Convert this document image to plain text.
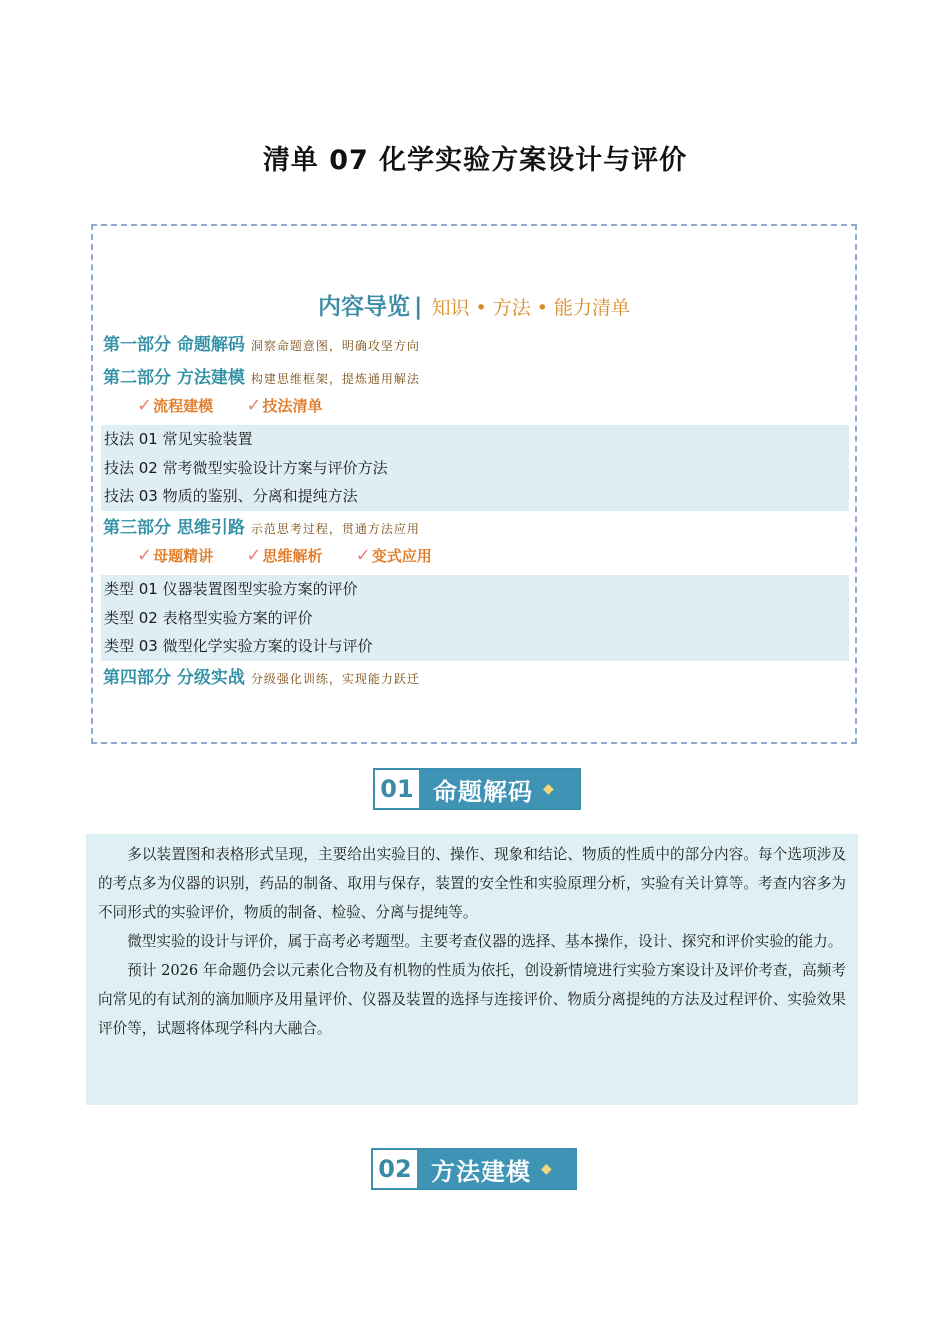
清单 07 化学实验方案设计与评价
内容导览 | 知识 • 方法 • 能力清单
第一部分 命题解码 洞察命题意图，明确攻坚方向
第二部分 方法建模 构建思维框架，提炼通用解法
✓流程建模 ✓技法清单
技法 01 常见实验装置
技法 02 常考微型实验设计方案与评价方法
技法 03 物质的鉴别、分离和提纯方法
第三部分 思维引路 示范思考过程，贯通方法应用
✓母题精讲 ✓思维解析 ✓变式应用
类型 01 仪器装置图型实验方案的评价
类型 02 表格型实验方案的评价
类型 03 微型化学实验方案的设计与评价
第四部分 分级实战 分级强化训练，实现能力跃迁
01 命题解码 ◆

多以装置图和表格形式呈现，主要给出实验目的、操作、现象和结论、物质的性质中的部分内容。每个选项涉及的考点多为仪器的识别，药品的制备、取用与保存，装置的安全性和实验原理分析，实验有关计算等。考查内容多为不同形式的实验评价，物质的制备、检验、分离与提纯等。

微型实验的设计与评价，属于高考必考题型。主要考查仪器的选择、基本操作，设计、探究和评价实验的能力。

预计 2026 年命题仍会以元素化合物及有机物的性质为依托，创设新情境进行实验方案设计及评价考查，高频考向常见的有试剂的滴加顺序及用量评价、仪器及装置的选择与连接评价、物质分离提纯的方法及过程评价、实验效果评价等，试题将体现学科内大融合。

02 方法建模 ◆
